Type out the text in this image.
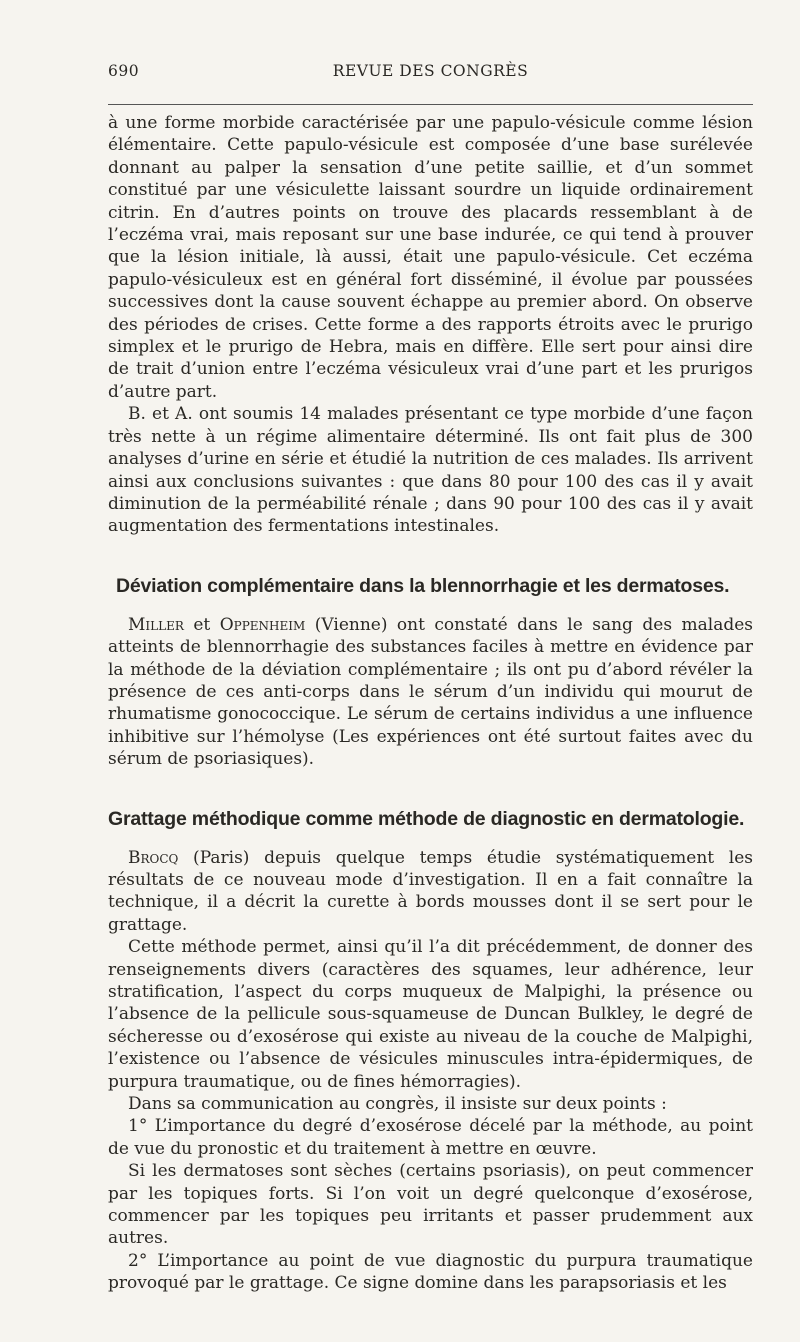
690	REVUE DES CONGRÈS

à une forme morbide caractérisée par une papulo-vésicule comme lésion élémentaire. Cette papulo-vésicule est composée d’une base surélevée donnant au palper la sensation d’une petite saillie, et d’un sommet constitué par une vésiculette laissant sourdre un liquide ordinairement citrin. En d’autres points on trouve des placards ressemblant à de l’eczéma vrai, mais reposant sur une base indurée, ce qui tend à prouver que la lésion initiale, là aussi, était une papulo-vésicule. Cet eczéma papulo-vésiculeux est en général fort disséminé, il évolue par poussées successives dont la cause souvent échappe au premier abord. On observe des périodes de crises. Cette forme a des rapports étroits avec le prurigo simplex et le prurigo de Hebra, mais en diffère. Elle sert pour ainsi dire de trait d’union entre l’eczéma vésiculeux vrai d’une part et les prurigos d’autre part.

B. et A. ont soumis 14 malades présentant ce type morbide d’une façon très nette à un régime alimentaire déterminé. Ils ont fait plus de 300 analyses d’urine en série et étudié la nutrition de ces malades. Ils arrivent ainsi aux conclusions suivantes : que dans 80 pour 100 des cas il y avait diminution de la perméabilité rénale ; dans 90 pour 100 des cas il y avait augmentation des fermentations intestinales.

Déviation complémentaire dans la blennorrhagie et les dermatoses.

Miller et Oppenheim (Vienne) ont constaté dans le sang des malades atteints de blennorrhagie des substances faciles à mettre en évidence par la méthode de la déviation complémentaire ; ils ont pu d’abord révéler la présence de ces anti-corps dans le sérum d’un individu qui mourut de rhumatisme gonococcique. Le sérum de certains individus a une influence inhibitive sur l’hémolyse (Les expériences ont été surtout faites avec du sérum de psoriasiques).

Grattage méthodique comme méthode de diagnostic en dermatologie.

Brocq (Paris) depuis quelque temps étudie systématiquement les résultats de ce nouveau mode d’investigation. Il en a fait connaître la technique, il a décrit la curette à bords mousses dont il se sert pour le grattage.

Cette méthode permet, ainsi qu’il l’a dit précédemment, de donner des renseignements divers (caractères des squames, leur adhérence, leur stratification, l’aspect du corps muqueux de Malpighi, la présence ou l’absence de la pellicule sous-squameuse de Duncan Bulkley, le degré de sécheresse ou d’exosérose qui existe au niveau de la couche de Malpighi, l’existence ou l’absence de vésicules minuscules intra-épidermiques, de purpura traumatique, ou de fines hémorragies).

Dans sa communication au congrès, il insiste sur deux points :

1° L’importance du degré d’exosérose décelé par la méthode, au point de vue du pronostic et du traitement à mettre en œuvre.

Si les dermatoses sont sèches (certains psoriasis), on peut commencer par les topiques forts. Si l’on voit un degré quelconque d’exosérose, commencer par les topiques peu irritants et passer prudemment aux autres.

2° L’importance au point de vue diagnostic du purpura traumatique provoqué par le grattage. Ce signe domine dans les parapsoriasis et les
